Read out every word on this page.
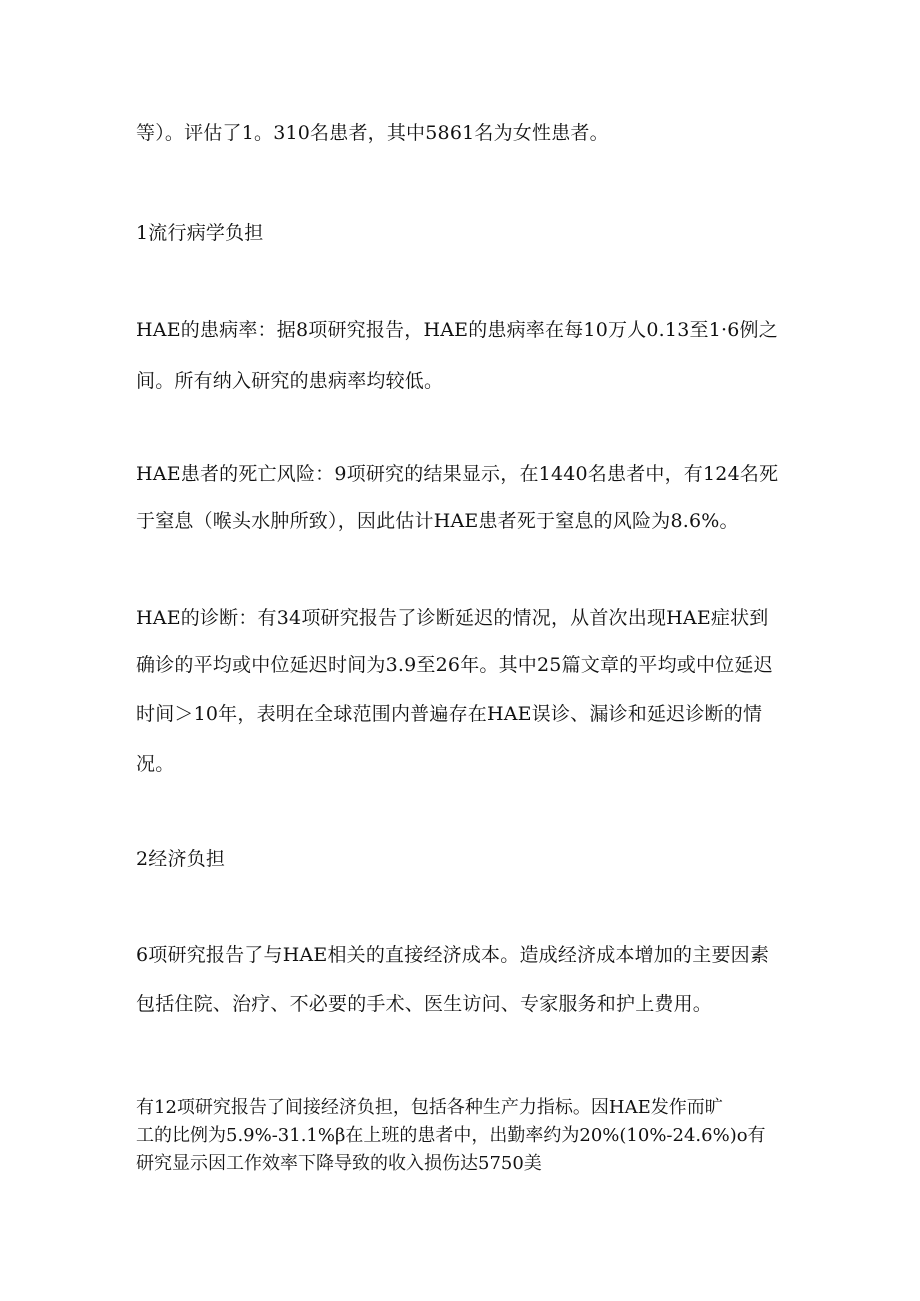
等）。评估了1。310名患者，其中5861名为女性患者。

1流行病学负担

HAE的患病率：据8项研究报告，HAE的患病率在每10万人0.13至1·6例之

间。所有纳入研究的患病率均较低。

HAE患者的死亡风险：9项研究的结果显示，在1440名患者中，有124名死

于窒息（喉头水肿所致），因此估计HAE患者死于窒息的风险为8.6%。

HAE的诊断：有34项研究报告了诊断延迟的情况，从首次出现HAE症状到

确诊的平均或中位延迟时间为3.9至26年。其中25篇文章的平均或中位延迟

时间＞10年，表明在全球范围内普遍存在HAE误诊、漏诊和延迟诊断的情

况。

2经济负担

6项研究报告了与HAE相关的直接经济成本。造成经济成本增加的主要因素

包括住院、治疗、不必要的手术、医生访问、专家服务和护上费用。

有12项研究报告了间接经济负担，包括各种生产力指标。因HAE发作而旷

工的比例为5.9%-31.1%β在上班的患者中，出勤率约为20%(10%-24.6%)o有

研究显示因工作效率下降导致的收入损伤达5750美
